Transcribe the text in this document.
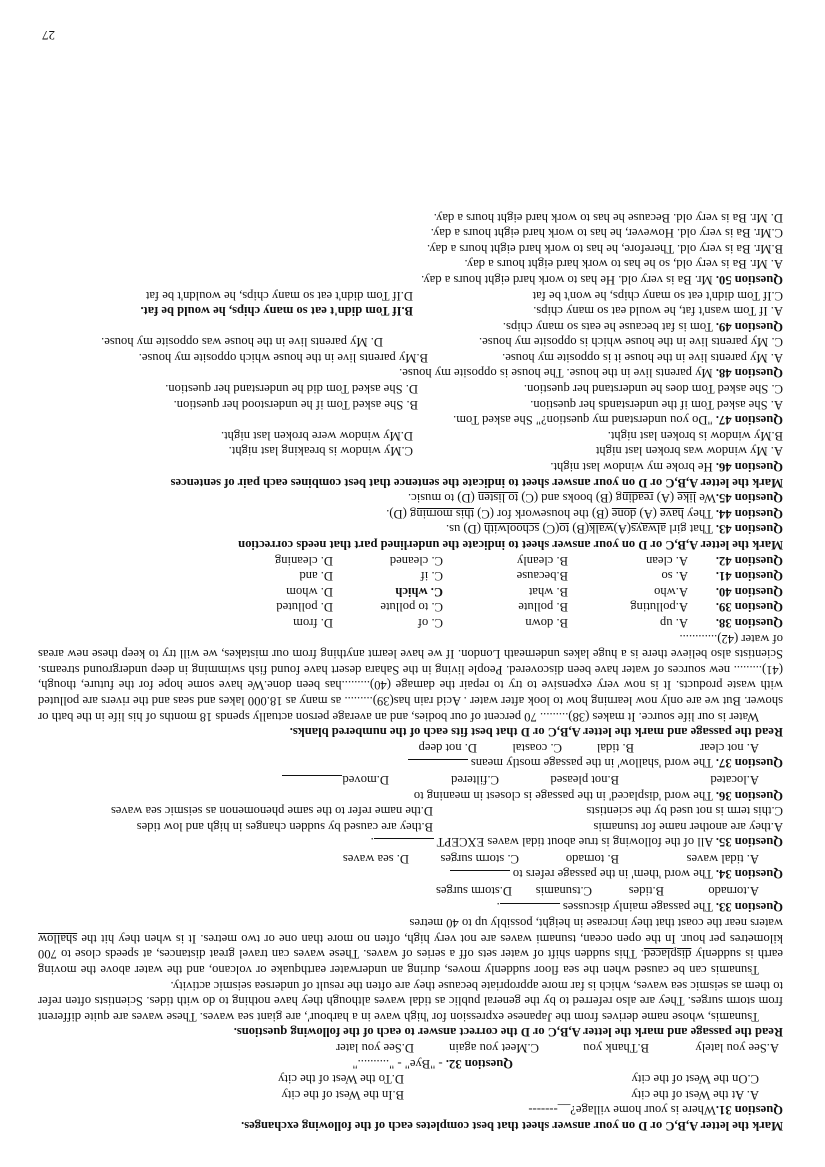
Mark the letter A,B,C or D on your answer sheet that best completes each of the following exchanges.
Question 31.Where is your home village?__-------
A. At the West of the city
B.In the West of the city
C.On the West of the city
D.To the West of the city
Question 32. - "Bye" - ".........."
A.See you lately
B.Thank you
C.Meet you again
D.See you later
Read the passage and mark the letter A,B,C or D the correct answer to each of the following questions.
Tsunamis, whose name derives from the Japanese expression for 'high wave in a harbour', are giant sea waves. These waves are quite different from storm surges. They are also referred to by the general public as tidal waves although they have nothing to do with tides. Scientists often refer to them as seismic sea waves, which is far more appropriate because they are often the result of underseа seismic activity.
Tsunamis can be caused when the sea floor suddenly moves, during an underwater earthquake or volcano, and the water above the moving earth is suddenly displaced. This sudden shift of water sets off a series of waves. These waves can travel great distances, at speeds close to 700 kilometres per hour. In the open ocean, tsunami waves are not very high, often no more than one or two metres. It is when they hit the shallow waters near the coast that they increase in height, possibly up to 40 metres
Question 33. The passage mainly discusses .
A.tornado
B.tides
C.tsunamis
D.storm surges
Question 34. The word 'them' in the passage refers to
A. tidal waves
B. tornado
C. storm surges
D. sea waves
Question 35. All of the following is true about tidal waves EXCEPT .
A.they are another name for tsunamis
B.they are caused by sudden changes in high and low tides
C.this term is not used by the scientists
D.the name refer to the same phenomenon as seismic sea waves
Question 36. The word 'displaced' in the passage is closest in meaning to
A.located
B.not pleased
C.filtered
D.moved
Question 37. The word 'shallow' in the passage mostly means
A. not clear
B. tidal
C. coastal
D. not deep
Read the passage and mark the letter A,B,C or D that best fits each of the numbered blanks.
Water is our life source. It makes (38)......... 70 percent of our bodies, and an average person actually spends 18 months of his life in the bath or shower. But we are only now learning how to look after water . Acid rain has(39)......... as many as 18.000 lakes and seas and the rivers are polluted with waste products. It is now very expensive to try to repair the damage (40).........has been done.We have some hope for the future, though, (41)......... new sources of water have been discovered. People living in the Sahara desert have found fish swimming in deep underground streams. Scientists also believe there is a huge lakes underneath London. If we have learnt anything from our mistakes, we will try to keep these new areas of water (42)............
Question 38.
A. up
B. down
C. of
D. from
Question 39.
A.polluting
B. pollute
C. to pollute
D. polluted
Question 40.
A.who
B. what
C. which
D. whom
Question 41.
A. so
B.because
C. if
D. and
Question 42.
A. clean
B. cleanly
C. cleaned
D. cleaning
Mark the letter A,B,C or D on your answer sheet to indicate the underlined part that needs correction
Question 43. That girl always(A)walk(B) to(C) schoolwith (D) us.
Question 44. They have (A) done (B) the housework for (C) this morning (D).
Question 45.We like (A) reading (B) books and (C) to listen (D) to music.
Mark the letter A,B,C or D on your answer sheet to indicate the sentence that best combines each pair of sentences
Question 46. He broke my window last night.
A. My window was broken last night
C.My window is breaking last night.
B.My window is broken last night.
D.My window were broken last night.
Question 47. "Do you understand my question?" She asked Tom.
A. She asked Tom if the understands her question.
B. She asked Tom if he understood her question.
C. She asked Tom does he understand her question.
D. She asked Tom did he understand her question.
Question 48. My parents live in the house. The house is opposite my house.
A. My parents live in the house it is opposite my house.
B.My parents live in the house which opposite my house.
C. My parents live in the house which is opposite my house.
D. My parents live in the house was opposite my house.
Question 49. Tom is fat because he eats so many chips.
A. If Tom wasn't fat, he would eat so many chips.
B.If Tom didn't eat so many chips, he would be fat.
C.If Tom didn't eat so many chips, he won't be fat
D.If Tom didn't eat so many chips, he wouldn't be fat
Question 50. Mr. Ba is very old. He has to work hard eight hours a day.
A. Mr. Ba is very old, so he has to work hard eight hours a day.
B.Mr. Ba is very old. Therefore, he has to work hard eight hours a day.
C.Mr. Ba is very old. However, he has to work hard eight hours a day.
D. Mr. Ba is very old. Because he has to work hard eight hours a day.
27
